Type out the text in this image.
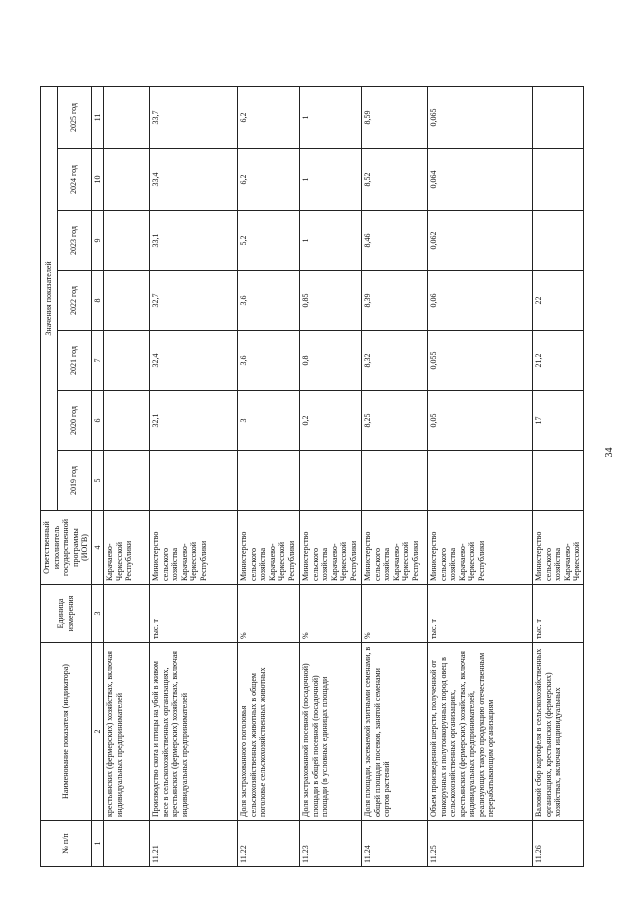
№ п/п	Наименование показателя (индикатора)	Единица измерения	Ответственный исполнитель государственной программы (ИОГВ)	Значения показателей						
				2019 год	2020 год	2021 год	2022 год	2023 год	2024 год	2025 год
1	2	3	4	5	6	7	8	9	10	11
	крестьянских (фермерских) хозяйствах, включая индивидуальных предпринимателей		Карачаево-Черкесской Республики							
11.21	Производство скота и птицы на убой в живом весе в сельскохозяйственных организациях, крестьянских (фермерских) хозяйствах, включая индивидуальных предпринимателей	тыс. т	Министерство сельского хозяйства Карачаево-Черкесской Республики		32,1	32,4	32,7	33,1	33,4	33,7
11.22	Доля застрахованного поголовья сельскохозяйственных животных в общем поголовье сельскохозяйственных животных	%	Министерство сельского хозяйства Карачаево-Черкесской Республики		3	3,6	3,6	5,2	6,2	6,2
11.23	Доля застрахованной посевной (посадочной) площади в общей посевной (посадочной) площади (в условных единицах площади	%	Министерство сельского хозяйства Карачаево-Черкесской Республики		0,2	0,8	0,85	1	1	1
11.24	Доля площади, засеваемой элитными семенами, в общей площади посевов, занятой семенами сортов растений	%	Министерство сельского хозяйства Карачаево-Черкесской Республики		8,25	8,32	8,39	8,46	8,52	8,59
11.25	Объем произведенной шерсти, полученной от тонкорунных и полутонкорунных пород овец в сельскохозяйственных организациях, крестьянских (фермерских) хозяйствах, включая индивидуальных предпринимателей, реализующих такую продукцию отечественным перерабатывающим организациям	тыс. т	Министерство сельского хозяйства Карачаево-Черкесской Республики		0,05	0,055	0,06	0,062	0,064	0,065
11.26	Валовой сбор картофеля в сельскохозяйственных организациях, крестьянских (фермерских) хозяйствах, включая индивидуальных	тыс. т	Министерство сельского хозяйства Карачаево-Черкесской		17	21,2	22			
34
